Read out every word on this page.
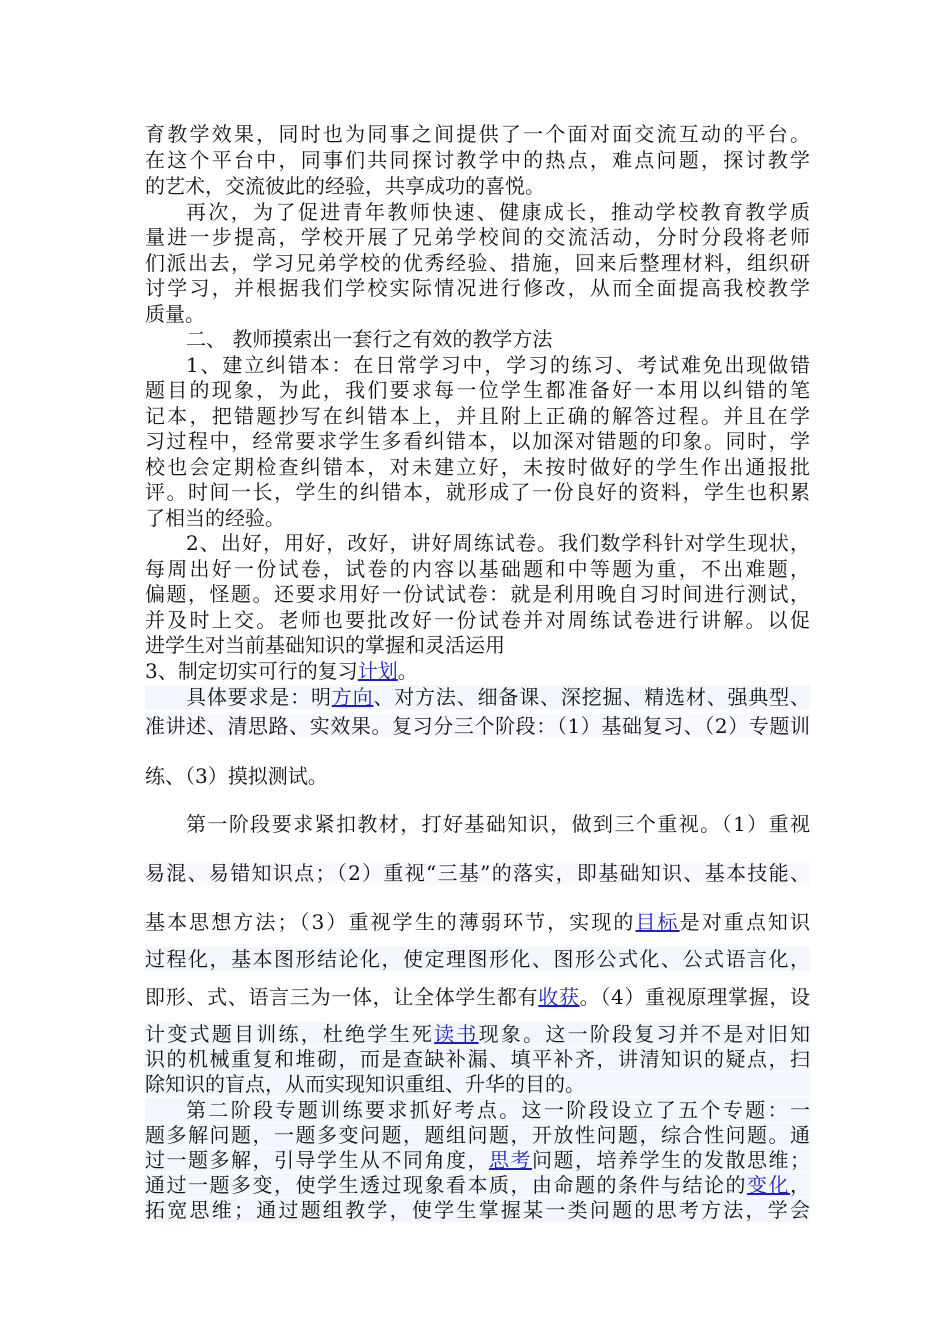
育教学效果，同时也为同事之间提供了一个面对面交流互动的平台。
在这个平台中，同事们共同探讨教学中的热点，难点问题，探讨教学
的艺术，交流彼此的经验，共享成功的喜悦。
再次，为了促进青年教师快速、健康成长，推动学校教育教学质
量进一步提高，学校开展了兄弟学校间的交流活动，分时分段将老师
们派出去，学习兄弟学校的优秀经验、措施，回来后整理材料，组织研
讨学习，并根据我们学校实际情况进行修改，从而全面提高我校教学
质量。
二、 教师摸索出一套行之有效的教学方法
1、建立纠错本：在日常学习中，学习的练习、考试难免出现做错
题目的现象，为此，我们要求每一位学生都准备好一本用以纠错的笔
记本，把错题抄写在纠错本上，并且附上正确的解答过程。并且在学
习过程中，经常要求学生多看纠错本，以加深对错题的印象。同时，学
校也会定期检查纠错本，对未建立好，未按时做好的学生作出通报批
评。时间一长，学生的纠错本，就形成了一份良好的资料，学生也积累
了相当的经验。
2、出好，用好，改好，讲好周练试卷。我们数学科针对学生现状，
每周出好一份试卷，试卷的内容以基础题和中等题为重，不出难题，
偏题，怪题。还要求用好一份试试卷：就是利用晚自习时间进行测试，
并及时上交。老师也要批改好一份试卷并对周练试卷进行讲解。以促
进学生对当前基础知识的掌握和灵活运用
3、制定切实可行的复习计划。
具体要求是：明方向、对方法、细备课、深挖掘、精选材、强典型、
准讲述、清思路、实效果。复习分三个阶段：（1）基础复习、（2）专题训
练、（3）摸拟测试。
第一阶段要求紧扣教材，打好基础知识，做到三个重视。（1）重视
易混、易错知识点；（2）重视“三基”的落实，即基础知识、基本技能、
基本思想方法；（3）重视学生的薄弱环节，实现的目标是对重点知识
过程化，基本图形结论化，使定理图形化、图形公式化、公式语言化，
即形、式、语言三为一体，让全体学生都有收获。（4）重视原理掌握，设
计变式题目训练，杜绝学生死读书现象。这一阶段复习并不是对旧知
识的机械重复和堆砌，而是查缺补漏、填平补齐，讲清知识的疑点，扫
除知识的盲点，从而实现知识重组、升华的目的。
第二阶段专题训练要求抓好考点。这一阶段设立了五个专题：一
题多解问题，一题多变问题，题组问题，开放性问题，综合性问题。通
过一题多解，引导学生从不同角度，思考问题，培养学生的发散思维；
通过一题多变，使学生透过现象看本质，由命题的条件与结论的变化，
拓宽思维；通过题组教学，使学生掌握某一类问题的思考方法，学会
